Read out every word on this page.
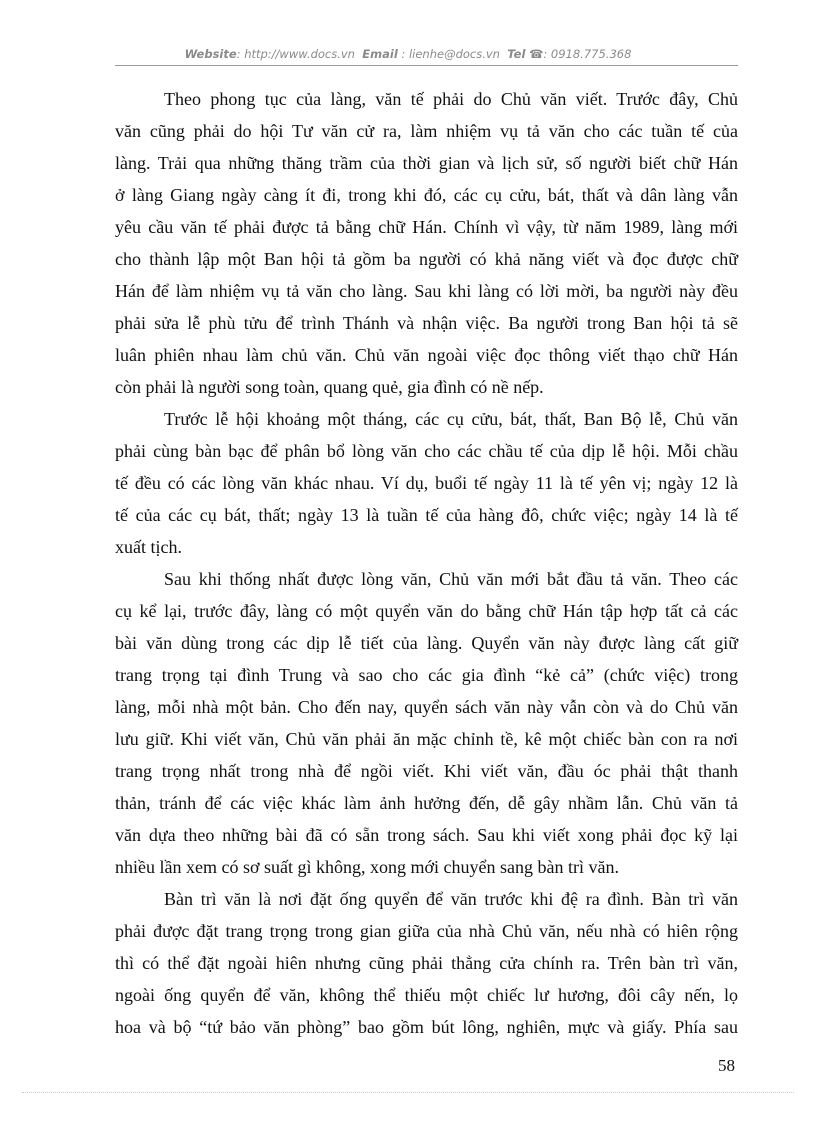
Website: http://www.docs.vn Email : lienhe@docs.vn Tel ☎: 0918.775.368
Theo phong tục của làng, văn tế phải do Chủ văn viết. Trước đây, Chủ
văn cũng phải do hội Tư văn cử ra, làm nhiệm vụ tả văn cho các tuần tế của
làng. Trải qua những thăng trầm của thời gian và lịch sử, số người biết chữ Hán
ở làng Giang ngày càng ít đi, trong khi đó, các cụ cửu, bát, thất và dân làng vẫn
yêu cầu văn tế phải được tả bằng chữ Hán. Chính vì vậy, từ năm 1989, làng mới
cho thành lập một Ban hội tả gồm ba người có khả năng viết và đọc được chữ
Hán để làm nhiệm vụ tả văn cho làng. Sau khi làng có lời mời, ba người này đều
phải sửa lễ phù tửu để trình Thánh và nhận việc. Ba người trong Ban hội tả sẽ
luân phiên nhau làm chủ văn. Chủ văn ngoài việc đọc thông viết thạo chữ Hán
còn phải là người song toàn, quang quẻ, gia đình có nề nếp.
Trước lễ hội khoảng một tháng, các cụ cửu, bát, thất, Ban Bộ lễ, Chủ văn
phải cùng bàn bạc để phân bổ lòng văn cho các chầu tế của dịp lễ hội. Mỗi chầu
tế đều có các lòng văn khác nhau. Ví dụ, buổi tế ngày 11 là tế yên vị; ngày 12 là
tế của các cụ bát, thất; ngày 13 là tuần tế của hàng đô, chức việc; ngày 14 là tế
xuất tịch.
Sau khi thống nhất được lòng văn, Chủ văn mới bắt đầu tả văn. Theo các
cụ kể lại, trước đây, làng có một quyển văn do bằng chữ Hán tập hợp tất cả các
bài văn dùng trong các dịp lễ tiết của làng. Quyển văn này được làng cất giữ
trang trọng tại đình Trung và sao cho các gia đình “kẻ cả” (chức việc) trong
làng, mỗi nhà một bản. Cho đến nay, quyển sách văn này vẫn còn và do Chủ văn
lưu giữ. Khi viết văn, Chủ văn phải ăn mặc chỉnh tề, kê một chiếc bàn con ra nơi
trang trọng nhất trong nhà để ngồi viết. Khi viết văn, đầu óc phải thật thanh
thản, tránh để các việc khác làm ảnh hưởng đến, dễ gây nhầm lẫn. Chủ văn tả
văn dựa theo những bài đã có sẵn trong sách. Sau khi viết xong phải đọc kỹ lại
nhiều lần xem có sơ suất gì không, xong mới chuyển sang bàn trì văn.
Bàn trì văn là nơi đặt ống quyển để văn trước khi đệ ra đình. Bàn trì văn
phải được đặt trang trọng trong gian giữa của nhà Chủ văn, nếu nhà có hiên rộng
thì có thể đặt ngoài hiên nhưng cũng phải thẳng cửa chính ra. Trên bàn trì văn,
ngoài ống quyển để văn, không thể thiếu một chiếc lư hương, đôi cây nến, lọ
hoa và bộ “tứ bảo văn phòng” bao gồm bút lông, nghiên, mực và giấy. Phía sau
58
